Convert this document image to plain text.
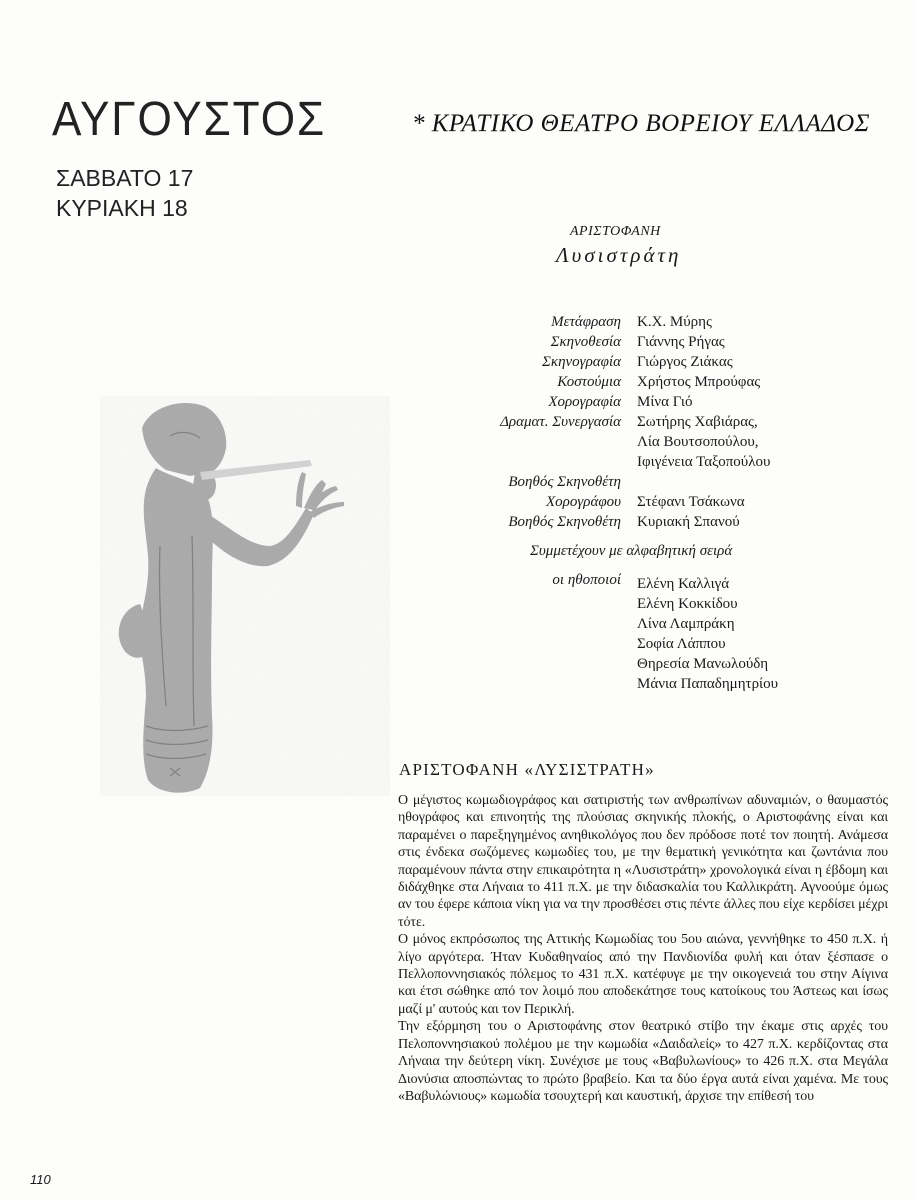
ΑΥΓΟΥΣΤΟΣ
ΣΑΒΒΑΤΟ 17
ΚΥΡΙΑΚΗ 18
* ΚΡΑΤΙΚΟ ΘΕΑΤΡΟ ΒΟΡΕΙΟΥ ΕΛΛΑΔΟΣ
ΑΡΙΣΤΟΦΑΝΗ
Λυσιστράτη
Μετάφραση Κ.Χ. Μύρης
Σκηνοθεσία Γιάννης Ρήγας
Σκηνογραφία Γιώργος Ζιάκας
Κοστούμια Χρήστος Μπρούφας
Χορογραφία Μίνα Γιό
Δραματ. Συνεργασία Σωτήρης Χαβιάρας,
Λία Βουτσοπούλου,
Ιφιγένεια Ταξοπούλου
Βοηθός Σκηνοθέτη
Χορογράφου Στέφανι Τσάκωνα
Βοηθός Σκηνοθέτη Κυριακή Σπανού
Συμμετέχουν με αλφαβητική σειρά
οι ηθοποιοί Ελένη Καλλιγά
Ελένη Κοκκίδου
Λίνα Λαμπράκη
Σοφία Λάππου
Θηρεσία Μανωλούδη
Μάνια Παπαδημητρίου
ΑΡΙΣΤΟΦΑΝΗ «ΛΥΣΙΣΤΡΑΤΗ»

Ο μέγιστος κωμωδιογράφος και σατιριστής των ανθρωπίνων αδυναμιών, ο θαυμαστός ηθογράφος και επινοητής της πλούσιας σκηνικής πλοκής, ο Αριστοφάνης είναι και παραμένει ο παρεξηγημένος ανηθικολόγος που δεν πρόδοσε ποτέ τον ποιητή. Ανάμεσα στις ένδεκα σωζόμενες κωμωδίες του, με την θεματική γενικότητα και ζωντάνια που παραμένουν πάντα στην επικαιρότητα η «Λυσιστράτη» χρονολογικά είναι η έβδομη και διδάχθηκε στα Λήναια το 411 π.Χ. με την διδασκαλία του Καλλικράτη. Αγνοούμε όμως αν του έφερε κάποια νίκη για να την προσθέσει στις πέντε άλλες που είχε κερδίσει μέχρι τότε.

Ο μόνος εκπρόσωπος της Αττικής Κωμωδίας του 5ου αιώνα, γεννήθηκε το 450 π.Χ. ή λίγο αργότερα. Ήταν Κυδαθηναίος από την Πανδιονίδα φυλή και όταν ξέσπασε ο Πελλοποννησιακός πόλεμος το 431 π.Χ. κατέφυγε με την οικογενειά του στην Αίγινα και έτσι σώθηκε από τον λοιμό που αποδεκάτησε τους κατοίκους του Άστεως και ίσως μαζί μ' αυτούς και τον Περικλή.

Την εξόρμηση του ο Αριστοφάνης στον θεατρικό στίβο την έκαμε στις αρχές του Πελοποννησιακού πολέμου με την κωμωδία «Δαιδαλείς» το 427 π.Χ. κερδίζοντας στα Λήναια την δεύτερη νίκη. Συνέχισε με τους «Βαβυλωνίους» το 426 π.Χ. στα Μεγάλα Διονύσια αποσπώντας το πρώτο βραβείο. Και τα δύο έργα αυτά είναι χαμένα. Με τους «Βαβυλώνιους» κωμωδία τσουχτερή και καυστική, άρχισε την επίθεσή του

110
